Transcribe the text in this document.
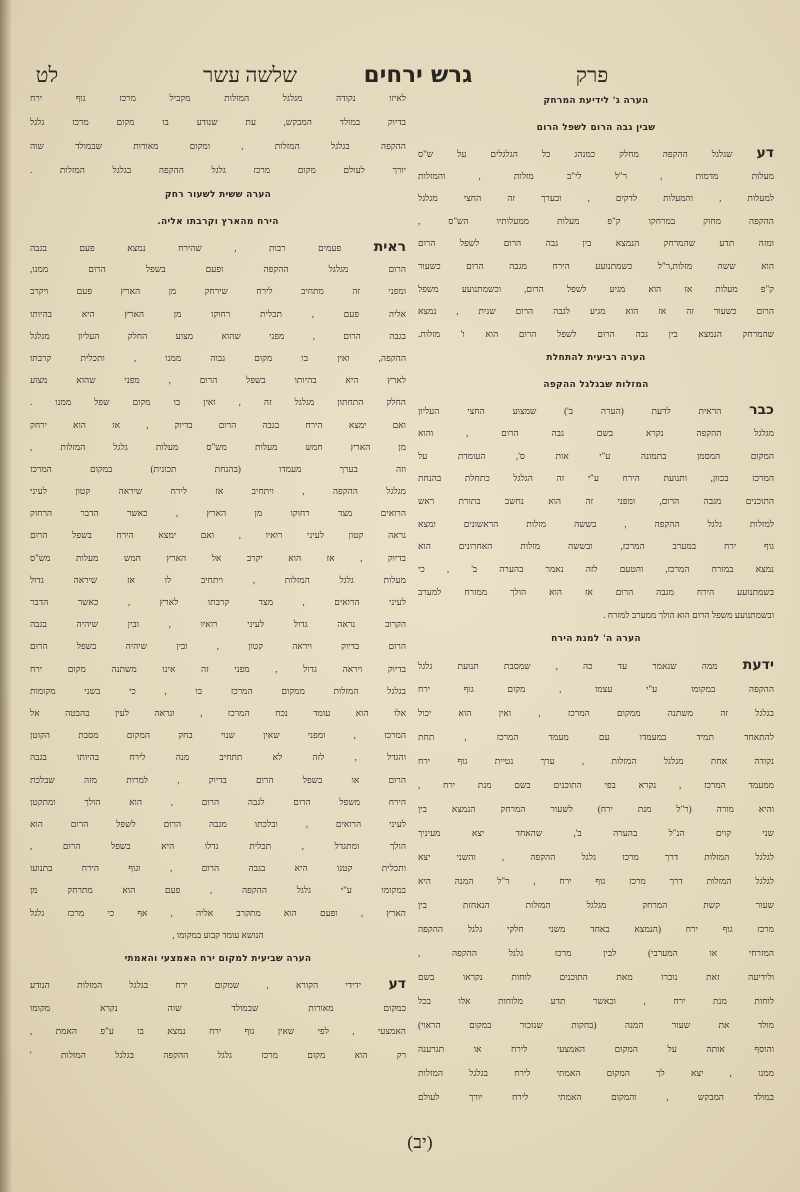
לט	שלשה עשר	גרש ירחים	פרק
הערה ג' לידיעת המרחק
שבין גבה הרום לשפל הרום
דע שגלגל ההקפה מחלק כמנהג כל הגלגלים על ש"ס
מעלות מדמות , ר"ל לי"ב מזלות , והמזלות
למעלות , והמעלות לדקים , ובערך זה החצי מגלגל
ההקפה מחוק במרחקו ק"פ מעלות ממעלותיו הש"ס ,
ומזה תדע שהמרחק הנמצא בין גבה הרום לשפל הרום
הוא ששה מזלות,ר"ל כשמתנועע הירח מגבה הרום כשעור
ק"פ מעלות אז הוא מגיע לשפל הרום, וכשמתנועע משפל
הרום כשעור זה אז הוא מגיע לגבה הרום שנית , נמצא
שהמרחק הנמצא בין גבה הרום לשפל הרום הוא ו' מזלות.
הערה רביעית להתחלת
המזלות שבגלגל ההקפה
כבר הראית לדעת (הערה ב') שמצוע החצי העליון
מגלגל ההקפה נקרא בשם גבה הרום , והוא
המקום המסמן בתמונה ע"י אות ס', העומדת על
המרכז בכוון, ותנועת הירח ע"י זה הגלגל כתחלת בהנחת
התוכנים מגבה הרום, ומפני זה הוא נחשב בתורת ראש
למזלות גלגל ההקפה , בששה מזלות הראשונים ומצא
גוף ירח במערב המרכז, ובששה מזלות האחרונים הוא
נמצא במזרח המרכז, והטעם לזה נאמר בהערה ב' , כי
בשמתנועע הירח מגבה הרום אז הוא הולך ממזרח למערב
ובשמתנועע משפל הרום הוא הולך ממערב למזרח .
הערה ה' למנת הירח
ידעת ממה שנאמר עד כה , שמסבת תנועת גלגל
ההקפה במקומו ע"י עצמו , מקום גוף ירח
בגלגל זה משתנה ממקום המרכז , ואין הוא יכול
להתאחד תמיד במעמדו עם מעמד המרכז , תחת
נקודה אחת מגלגל המזלות , ערך נטיית גוף ירח
ממעמד המרכז , נקרא בפי התוכנים בשם מנת ירח ,
והיא מורה (ר"ל מנת ירח) לשעור המרחק הנמצא בין
שני קוים הנ"ל בהערה ב', שהאחד יצא מעיניך
לגלגל המזלות דרך מרכז גלגל ההקפה , והשני יצא
לגלגל המזלות דרך מרכז גוף ירח , ר"ל המנה היא
שעור קשת המרחק מגלגל המזלות הנאחזת בין
מרכז גוף ירח (הנמצא באחד משני חלקי גלגל ההקפה
המזרחי או המערבי) לבין מרכז גלגל ההקפה ,
ולידיעה זאת נוכרו מאת התוכנים לוחות נקראו בשם
לוחות מנת ירח , וכאשר תדע מלוחות אלו בכל
מולד את שעור המנה (בחקות שנזכור במקום הראוי)
והוסף אותה על המקום האמצעי לירח או תגרענה
ממנו , יצא לך המקום האמתי לירח בגלגל המזלות
במולד המבקש , והמקום האמתי לירח יורך לעולם
לאיזו נקודה מגלגל המזלות מקביל מרכז גוף ירח
בדיוק במולד המבקש, עת שנודע בו מקום מרכז גלגל
ההקפה בגלגל המזלות , ומקום מאורות שבמולד שוה
יורך לעולם מקום מרכז גלגל ההקפה בגלגל המזלות .
הערה ששית לשעור רחק
הירח מהארץ וקרבתו אליה.
ראית פעמים רבות , שהירח נמצא פעם בגבה
הרום מגלגל ההקפה ופעם בשפל הרום ממנו,
ומפני זה מתחיב לירח שירחק מן הארץ פעם ויקרב
אליה פעם , תכלית רחוקו מן הארץ היא בהיותו
בגבה הרום , מפני שהוא מצוע החלק העליון מגלגל
ההקפה, ואין בו מקום גבוה ממנו , ותכלית קרבתו
לארץ היא בהיותו בשפל הרום , מפני שהוא מצוע
החלק התחתון מגלגל זה , ואין בו מקום שפל ממנו .
ואם ימצא הירח בגבה הרום בדיוק , אז הוא ירחק
מן הארץ חמש מעלות מש"ס מעלות גלגל המזלות ,
וזה בערך מעמדו (בהנחת תכונית) במקום המרכז
מגלגל ההקפה , ויתחיב אז לירח שיראה קטון לעיני
הרואים מצד רחוקו מן הארץ , כאשר הדבר הרחוק
נראה קטון לעיני רואיו , ואם ימצא הירח בשפל הרום
בדיוק , אז הוא יקרב אל הארץ חמש מעלות מש"ס
מעלות גלגל המזלות , ויתחיב לו אז שיראה גדול
לעיני הרואים , מצד קרבתו לארץ , כאשר הדבר
הקרוב נראה גדול לעיני רואיו , ובין שיהיה בגבה
הרום בדיוק ויראה קטון , ובין שיהיה בשפל הרום
בדיוק ויראה גדול , מפני זה אינו משתנה מקום ירח
בגלגל המזלות ממקום המרכז בו , כי בשני מקומות
אלו הוא עומד נכח המרכז , ונראה לעין בהבטה אל
המרכז , ומפני שאין שנוי בחק המקום מסבת הקוטן
והגדל , לזה לא תתחיב מנה לירח בהיותו בגבה
הרום או בשפל הרום בדיוק , למרות מזה שבלכת
הירח משפל הרום לגבה הרום , הוא הולך ומתקטן
לעיני הרואים , ובלכתו מגבה הרום לשפל הרום הוא
הולך ומתגדל , תכלית גדלו היא בשפל הרום ,
ותכלית קטנו היא בגבה הרום , וגוף הירח בתנועו
במקומו ע"י גלגל ההקפה , פעם הוא מתרחק מן
הארץ , ופעם הוא מתקרב אליה , אף כי מרכז גלגל
הנושא עומד קבוע במקומו ,
הערה שביעית למקום ירח האמצעי והאמתי
דע ידידי הקורא , שמקום ירח בגלגל המזלות הנודע
כמקום מאורות שבמולד שוה נקרא מקומו
האמצעי , לפי שאין גוף ירח נמצא בו ע"פ האמת ,
רק הוא מקום מרכז גלגל ההקפה בגלגל המזלות '
(יב)
